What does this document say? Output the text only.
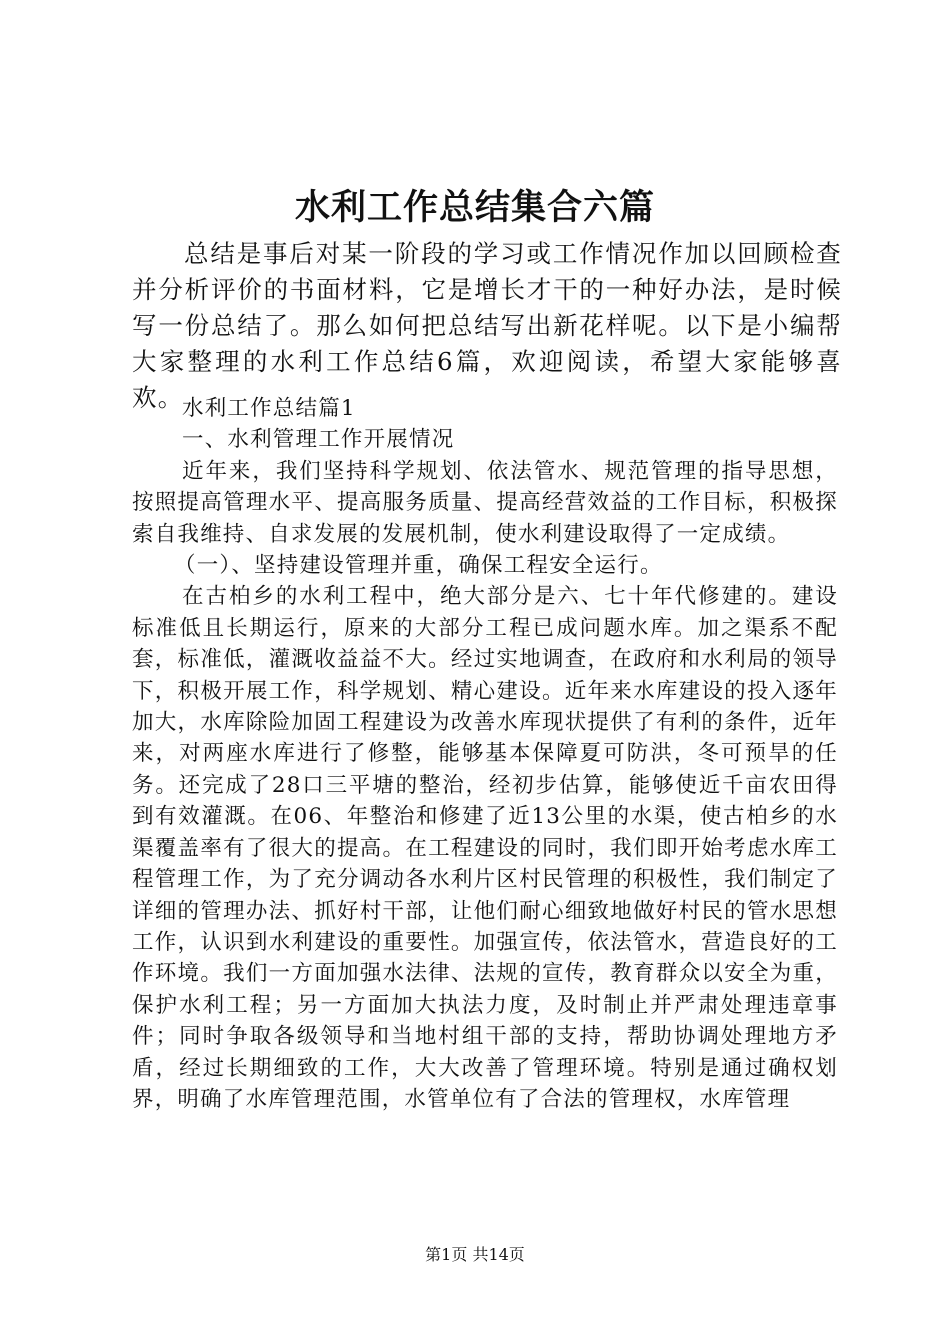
水利工作总结集合六篇
总结是事后对某一阶段的学习或工作情况作加以回顾检查并分析评价的书面材料，它是增长才干的一种好办法，是时候写一份总结了。那么如何把总结写出新花样呢。以下是小编帮大家整理的水利工作总结6篇，欢迎阅读，希望大家能够喜欢。

水利工作总结篇1

一、水利管理工作开展情况

近年来，我们坚持科学规划、依法管水、规范管理的指导思想，按照提高管理水平、提高服务质量、提高经营效益的工作目标，积极探索自我维持、自求发展的发展机制，使水利建设取得了一定成绩。

（一）、坚持建设管理并重，确保工程安全运行。

在古柏乡的水利工程中，绝大部分是六、七十年代修建的。建设标准低且长期运行，原来的大部分工程已成问题水库。加之渠系不配套，标准低，灌溉收益益不大。经过实地调查，在政府和水利局的领导下，积极开展工作，科学规划、精心建设。近年来水库建设的投入逐年加大，水库除险加固工程建设为改善水库现状提供了有利的条件，近年来，对两座水库进行了修整，能够基本保障夏可防洪，冬可预旱的任务。还完成了28口三平塘的整治，经初步估算，能够使近千亩农田得到有效灌溉。在06、年整治和修建了近13公里的水渠，使古柏乡的水渠覆盖率有了很大的提高。在工程建设的同时，我们即开始考虑水库工程管理工作，为了充分调动各水利片区村民管理的积极性，我们制定了详细的管理办法、抓好村干部，让他们耐心细致地做好村民的管水思想工作，认识到水利建设的重要性。加强宣传，依法管水，营造良好的工作环境。我们一方面加强水法律、法规的宣传，教育群众以安全为重，保护水利工程；另一方面加大执法力度，及时制止并严肃处理违章事件；同时争取各级领导和当地村组干部的支持，帮助协调处理地方矛盾，经过长期细致的工作，大大改善了管理环境。特别是通过确权划界，明确了水库管理范围，水管单位有了合法的管理权，水库管理

第1页 共14页
